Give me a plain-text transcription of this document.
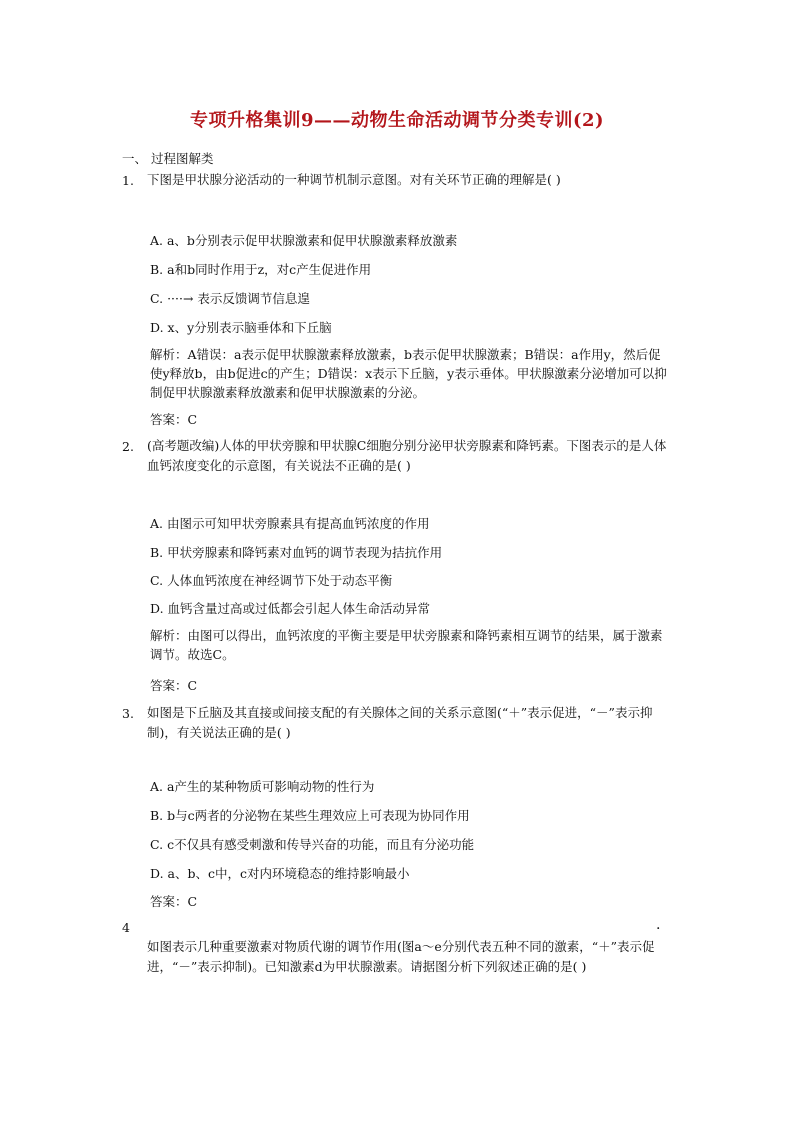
专项升格集训9——动物生命活动调节分类专训(2)
一、 过程图解类
1. 下图是甲状腺分泌活动的一种调节机制示意图。对有关环节正确的理解是( )
A. a、b分别表示促甲状腺激素和促甲状腺激素释放激素
B. a和b同时作用于z，对c产生促进作用
C. ····→ 表示反馈调节信息遑
D. x、y分别表示脑垂体和下丘脑
解析：A错误：a表示促甲状腺激素释放激素，b表示促甲状腺激素；B错误：a作用y，然后促使y释放b，由b促进c的产生；D错误：x表示下丘脑，y表示垂体。甲状腺激素分泌增加可以抑制促甲状腺激素释放激素和促甲状腺激素的分泌。
答案：C
2. (高考题改编)人体的甲状旁腺和甲状腺C细胞分别分泌甲状旁腺素和降钙素。下图表示的是人体血钙浓度变化的示意图，有关说法不正确的是( )
A. 由图示可知甲状旁腺素具有提高血钙浓度的作用
B. 甲状旁腺素和降钙素对血钙的调节表现为拮抗作用
C. 人体血钙浓度在神经调节下处于动态平衡
D. 血钙含量过高或过低都会引起人体生命活动异常
解析：由图可以得出，血钙浓度的平衡主要是甲状旁腺素和降钙素相互调节的结果，属于激素调节。故选C。
答案：C
3. 如图是下丘脑及其直接或间接支配的有关腺体之间的关系示意图(“＋”表示促进，“－”表示抑制)，有关说法正确的是( )
A. a产生的某种物质可影响动物的性行为
B. b与c两者的分泌物在某些生理效应上可表现为协同作用
C. c不仅具有感受刺激和传导兴奋的功能，而且有分泌功能
D. a、b、c中，c对内环境稳态的维持影响最小
答案：C
4	.
如图表示几种重要激素对物质代谢的调节作用(图a～e分别代表五种不同的激素，“＋”表示促进，“－”表示抑制)。已知激素d为甲状腺激素。请据图分析下列叙述正确的是( )
